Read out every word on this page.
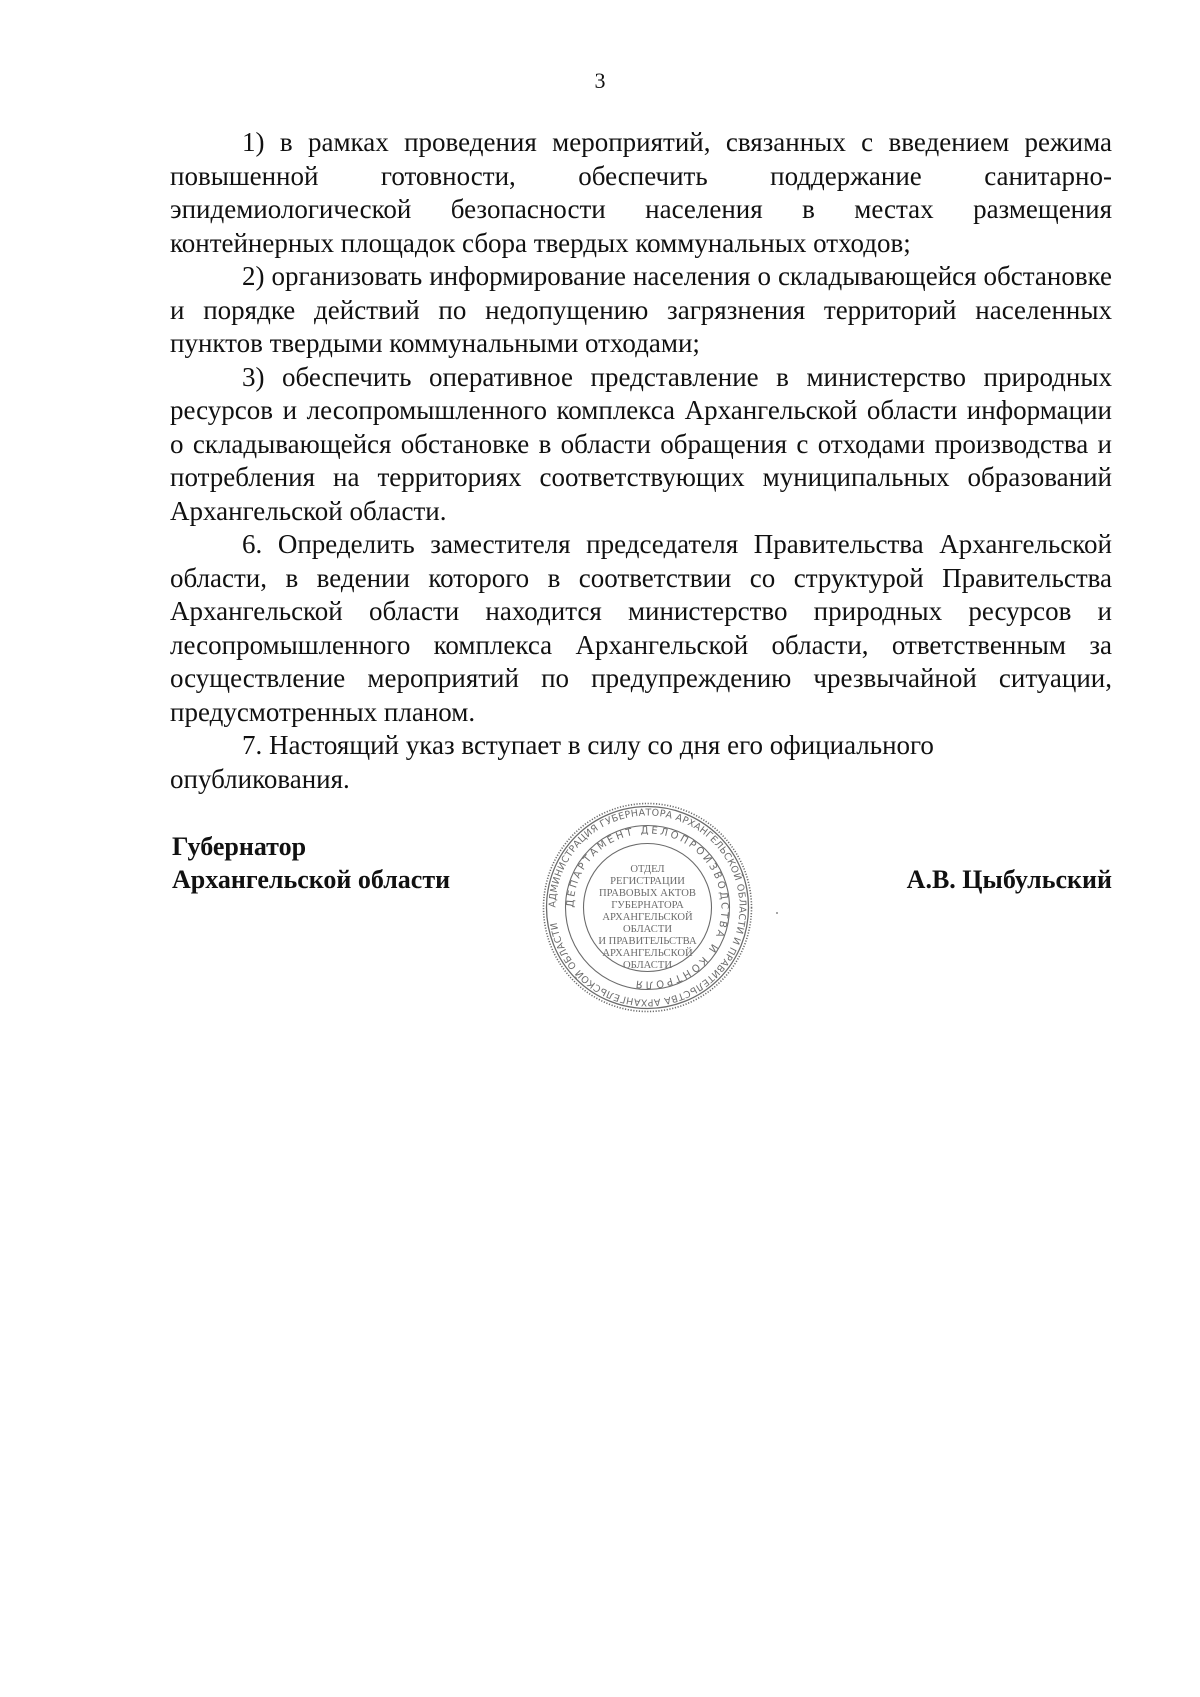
3

1) в рамках проведения мероприятий, связанных с введением режима повышенной готовности, обеспечить поддержание санитарно-эпидемиологической безопасности населения в местах размещения контейнерных площадок сбора твердых коммунальных отходов;

2) организовать информирование населения о складывающейся обстановке и порядке действий по недопущению загрязнения территорий населенных пунктов твердыми коммунальными отходами;

3) обеспечить оперативное представление в министерство природных ресурсов и лесопромышленного комплекса Архангельской области информации о складывающейся обстановке в области обращения с отходами производства и потребления на территориях соответствующих муниципальных образований Архангельской области.

6. Определить заместителя председателя Правительства Архангельской области, в ведении которого в соответствии со структурой Правительства Архангельской области находится министерство природных ресурсов и лесопромышленного комплекса Архангельской области, ответственным за осуществление мероприятий по предупреждению чрезвычайной ситуации, предусмотренных планом.

7. Настоящий указ вступает в силу со дня его официального опубликования.

Губернатор
Архангельской области	А.В. Цыбульский
АДМИНИСТРАЦИЯ ГУБЕРНАТОРА АРХАНГЕЛЬСКОЙ ОБЛАСТИ И ПРАВИТЕЛЬСТВА АРХАНГЕЛЬСКОЙ ОБЛАСТИ
ДЕПАРТАМЕНТ ДЕЛОПРОИЗВОДСТВА И КОНТРОЛЯ
ОТДЕЛ
РЕГИСТРАЦИИ
ПРАВОВЫХ АКТОВ
ГУБЕРНАТОРА
АРХАНГЕЛЬСКОЙ
ОБЛАСТИ
И ПРАВИТЕЛЬСТВА
АРХАНГЕЛЬСКОЙ
ОБЛАСТИ
